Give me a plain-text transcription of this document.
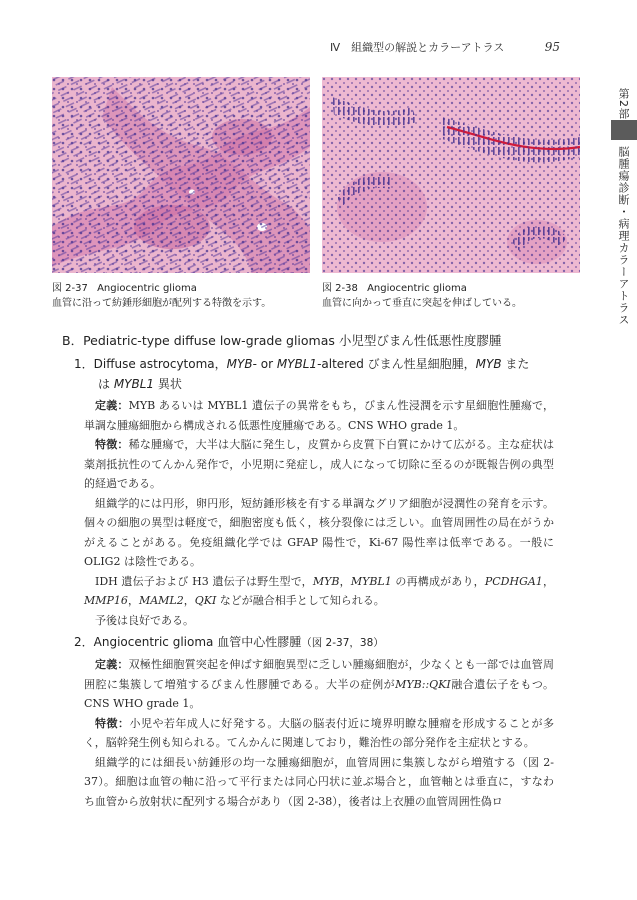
Ⅳ　組織型の解説とカラーアトラス	95
第2部
脳腫瘍診断・病理カラーアトラス
図 2-37 Angiocentric glioma
血管に沿って紡錘形細胞が配列する特徴を示す。
図 2-38 Angiocentric glioma
血管に向かって垂直に突起を伸ばしている。
B．Pediatric-type diffuse low-grade gliomas 小児型びまん性低悪性度膠腫
1．Diffuse astrocytoma，MYB- or MYBL1-altered びまん性星細胞腫，MYB また
は MYBL1 異状

定義：MYB あるいは MYBL1 遺伝子の異常をもち，びまん性浸潤を示す星細胞性腫瘍で，単調な腫瘍細胞から構成される低悪性度腫瘍である。CNS WHO grade 1。

特徴：稀な腫瘍で，大半は大脳に発生し，皮質から皮質下白質にかけて広がる。主な症状は薬剤抵抗性のてんかん発作で，小児期に発症し，成人になって切除に至るのが既報告例の典型的経過である。

組織学的には円形，卵円形，短紡錘形核を有する単調なグリア細胞が浸潤性の発育を示す。個々の細胞の異型は軽度で，細胞密度も低く，核分裂像には乏しい。血管周囲性の局在がうかがえることがある。免疫組織化学では GFAP 陽性で，Ki-67 陽性率は低率である。一般に OLIG2 は陰性である。

IDH 遺伝子および H3 遺伝子は野生型で，MYB，MYBL1 の再構成があり，PCDHGA1，MMP16，MAML2，QKI などが融合相手として知られる。

予後は良好である。

2．Angiocentric glioma 血管中心性膠腫（図 2-37，38）

定義：双極性細胞質突起を伸ばす細胞異型に乏しい腫瘍細胞が，少なくとも一部では血管周囲腔に集簇して増殖するびまん性膠腫である。大半の症例がMYB::QKI融合遺伝子をもつ。CNS WHO grade 1。

特徴：小児や若年成人に好発する。大脳の脳表付近に境界明瞭な腫瘤を形成することが多く，脳幹発生例も知られる。てんかんに関連しており，難治性の部分発作を主症状とする。

組織学的には細長い紡錘形の均一な腫瘍細胞が，血管周囲に集簇しながら増殖する（図 2-37）。細胞は血管の軸に沿って平行または同心円状に並ぶ場合と，血管軸とは垂直に，すなわち血管から放射状に配列する場合があり（図 2-38），後者は上衣腫の血管周囲性偽ロ
